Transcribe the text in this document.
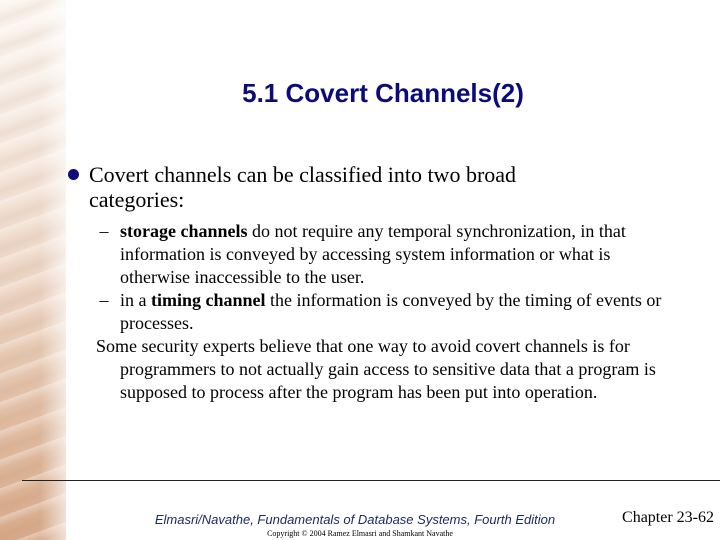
5.1 Covert Channels(2)
Covert channels can be classified into two broad
categories:
– storage channels do not require any temporal synchronization, in that information is conveyed by accessing system information or what is otherwise inaccessible to the user.
– in a timing channel the information is conveyed by the timing of events or processes.
Some security experts believe that one way to avoid covert channels is for programmers to not actually gain access to sensitive data that a program is supposed to process after the program has been put into operation.
Elmasri/Navathe, Fundamentals of Database Systems, Fourth Edition	Chapter 23-62
Copyright © 2004 Ramez Elmasri and Shamkant Navathe
